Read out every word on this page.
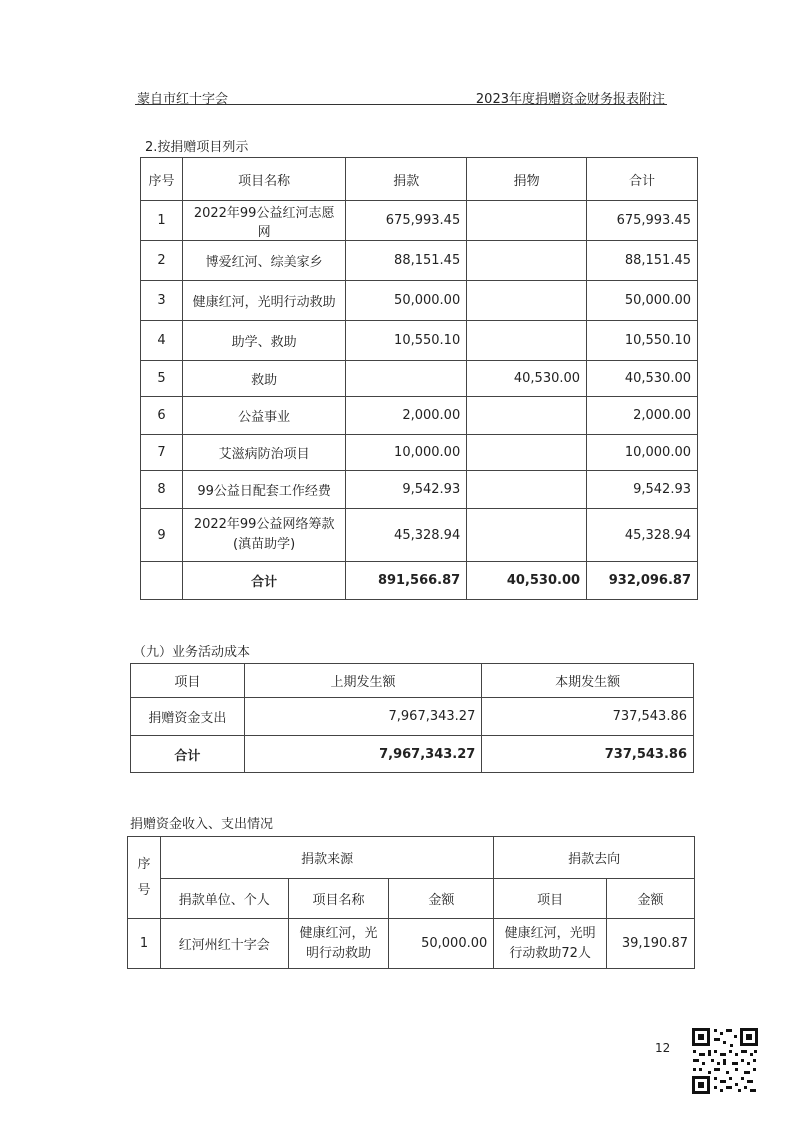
蒙自市红十字会	2023年度捐赠资金财务报表附注
2.按捐赠项目列示
序号	项目名称	捐款	捐物	合计
1	2022年99公益红河志愿网	675,993.45		675,993.45
2	博爱红河、综美家乡	88,151.45		88,151.45
3	健康红河，光明行动救助	50,000.00		50,000.00
4	助学、救助	10,550.10		10,550.10
5	救助		40,530.00	40,530.00
6	公益事业	2,000.00		2,000.00
7	艾滋病防治项目	10,000.00		10,000.00
8	99公益日配套工作经费	9,542.93		9,542.93
9	2022年99公益网络筹款(滇苗助学)	45,328.94		45,328.94
	合计	891,566.87	40,530.00	932,096.87
（九）业务活动成本
项目	上期发生额	本期发生额
捐赠资金支出	7,967,343.27	737,543.86
合计	7,967,343.27	737,543.86
捐赠资金收入、支出情况
序号	捐款来源			捐款去向	
	捐款单位、个人	项目名称	金额	项目	金额
1	红河州红十字会	健康红河，光明行动救助	50,000.00	健康红河，光明行动救助72人	39,190.87
12
